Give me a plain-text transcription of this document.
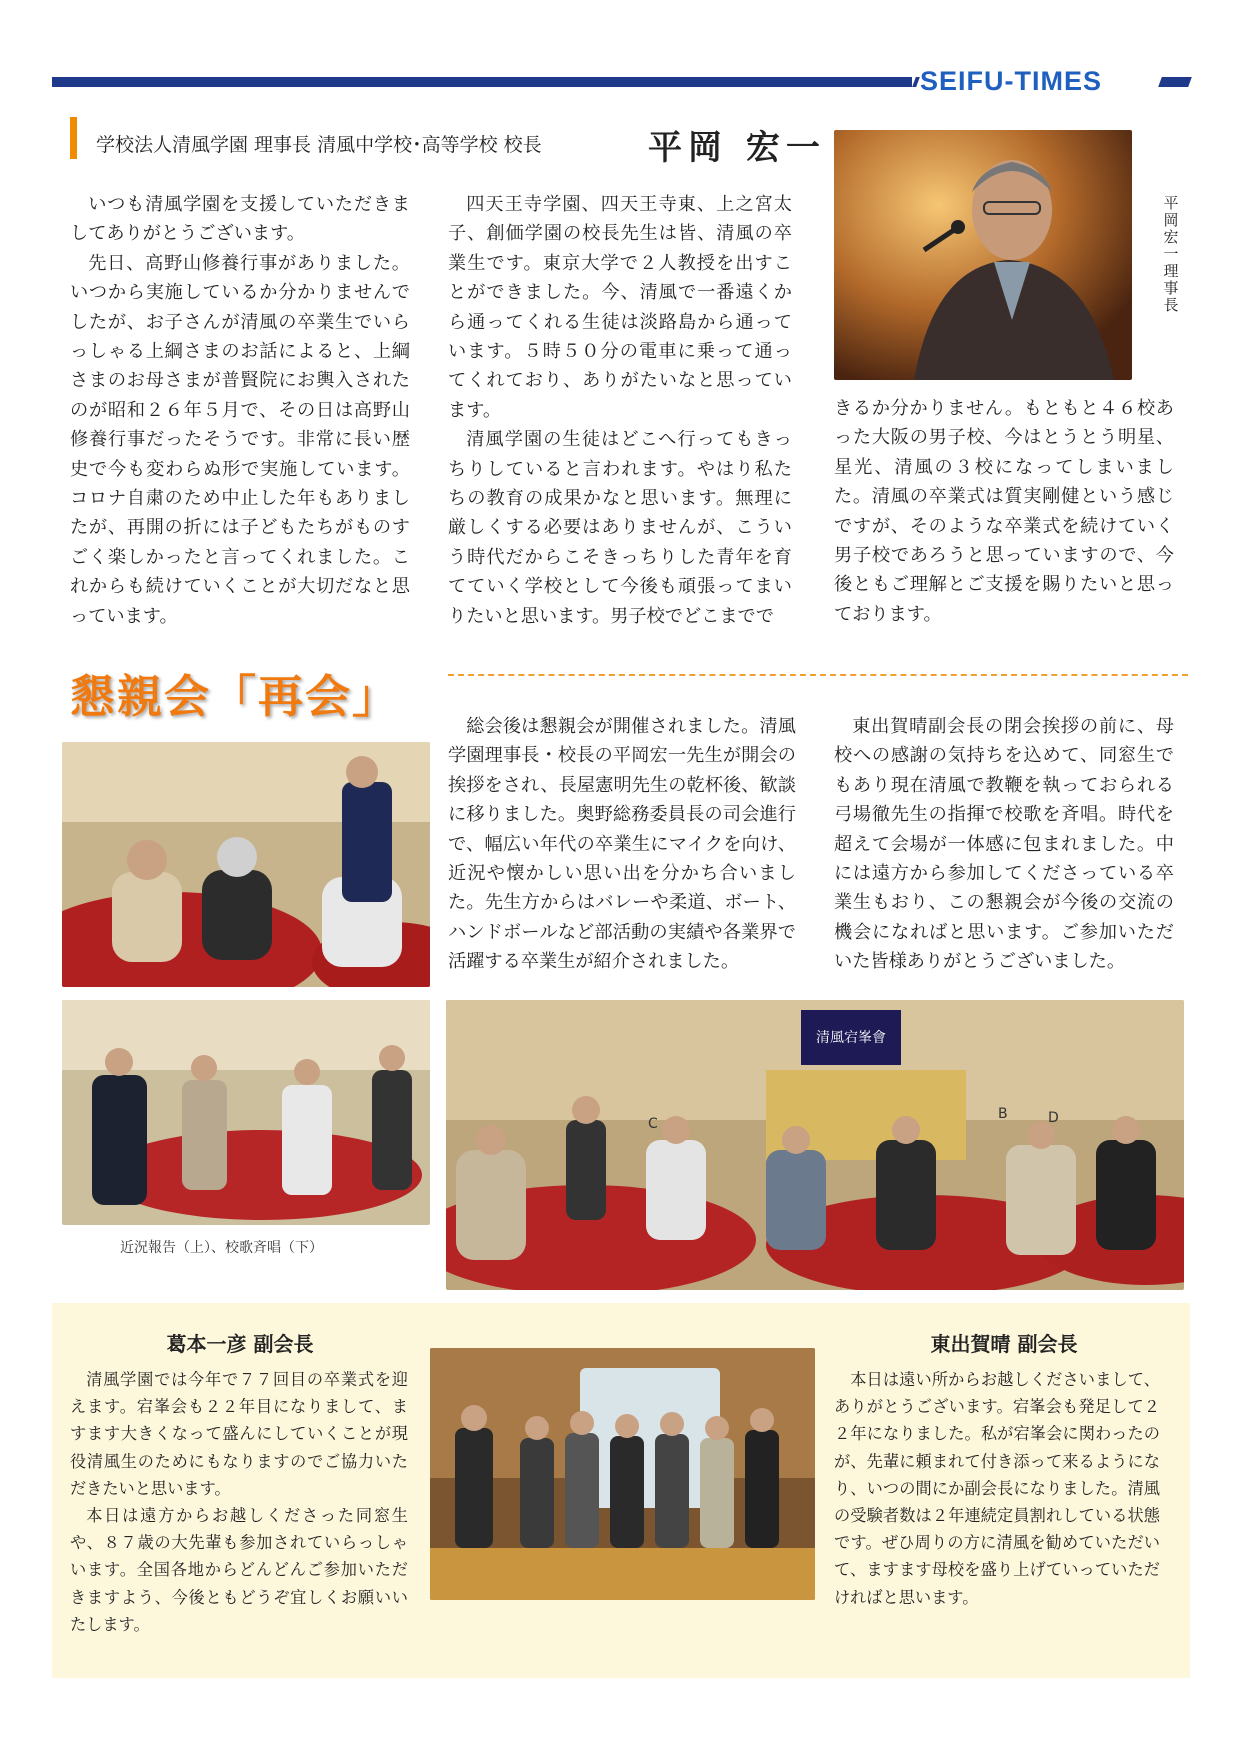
SEIFU-TIMES
学校法人清風学園 理事長 清風中学校･高等学校 校長	平岡 宏一

いつも清風学園を支援していただきましてありがとうございます。

先日、高野山修養行事がありました。いつから実施しているか分かりませんでしたが、お子さんが清風の卒業生でいらっしゃる上綱さまのお話によると、上綱さまのお母さまが普賢院にお輿入されたのが昭和２６年５月で、その日は高野山修養行事だったそうです。非常に長い歴史で今も変わらぬ形で実施しています。コロナ自粛のため中止した年もありましたが、再開の折には子どもたちがものすごく楽しかったと言ってくれました。これからも続けていくことが大切だなと思っています。

四天王寺学園、四天王寺東、上之宮太子、創価学園の校長先生は皆、清風の卒業生です。東京大学で２人教授を出すことができました。今、清風で一番遠くから通ってくれる生徒は淡路島から通っています。５時５０分の電車に乗って通ってくれており、ありがたいなと思っています。

清風学園の生徒はどこへ行ってもきっちりしていると言われます。やはり私たちの教育の成果かなと思います。無理に厳しくする必要はありませんが、こういう時代だからこそきっちりした青年を育てていく学校として今後も頑張ってまいりたいと思います。男子校でどこまでで

平岡宏一 理事長

きるか分かりません。もともと４６校あった大阪の男子校、今はとうとう明星、星光、清風の３校になってしまいました。清風の卒業式は質実剛健という感じですが、そのような卒業式を続けていく男子校であろうと思っていますので、今後ともご理解とご支援を賜りたいと思っております。

懇親会「再会」

総会後は懇親会が開催されました。清風学園理事長・校長の平岡宏一先生が開会の挨拶をされ、長屋憲明先生の乾杯後、歓談に移りました。奥野総務委員長の司会進行で、幅広い年代の卒業生にマイクを向け、近況や懐かしい思い出を分かち合いました。先生方からはバレーや柔道、ボート、ハンドボールなど部活動の実績や各業界で活躍する卒業生が紹介されました。

東出賀晴副会長の閉会挨拶の前に、母校への感謝の気持ちを込めて、同窓生でもあり現在清風で教鞭を執っておられる弓場徹先生の指揮で校歌を斉唱。時代を超えて会場が一体感に包まれました。中には遠方から参加してくださっている卒業生もおり、この懇親会が今後の交流の機会になればと思います。ご参加いただいた皆様ありがとうございました。

近況報告（上）、校歌斉唱（下）
清風宕峯會
C
B	D
葛本一彦 副会長

清風学園では今年で７７回目の卒業式を迎えます。宕峯会も２２年目になりまして、ますます大きくなって盛んにしていくことが現役清風生のためにもなりますのでご協力いただきたいと思います。

本日は遠方からお越しくださった同窓生や、８７歳の大先輩も参加されていらっしゃいます。全国各地からどんどんご参加いただきますよう、今後ともどうぞ宜しくお願いいたします。

東出賀晴 副会長

本日は遠い所からお越しくださいまして、ありがとうございます。宕峯会も発足して２２年になりました。私が宕峯会に関わったのが、先輩に頼まれて付き添って来るようになり、いつの間にか副会長になりました。清風の受験者数は２年連続定員割れしている状態です。ぜひ周りの方に清風を勧めていただいて、ますます母校を盛り上げていっていただければと思います。
